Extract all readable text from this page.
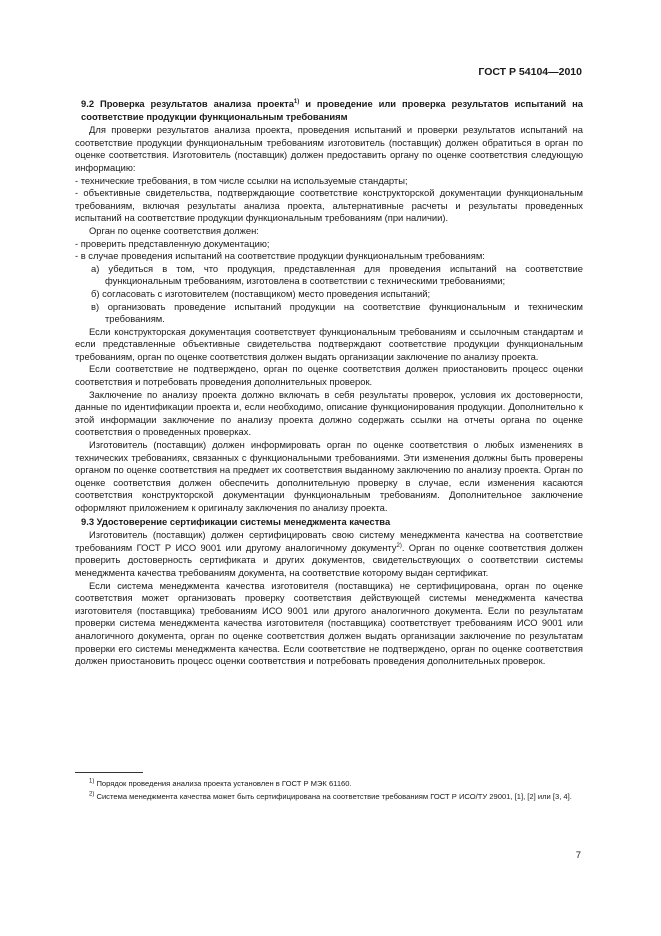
ГОСТ Р 54104—2010

9.2 Проверка результатов анализа проекта$^{1)}$ и проведение или проверка результатов испытаний на соответствие продукции функциональным требованиям

Для проверки результатов анализа проекта, проведения испытаний и проверки результатов испытаний на соответствие продукции функциональным требованиям изготовитель (поставщик) должен обратиться в орган по оценке соответствия. Изготовитель (поставщик) должен предоставить органу по оценке соответствия следующую информацию:

- технические требования, в том числе ссылки на используемые стандарты;

- объективные свидетельства, подтверждающие соответствие конструкторской документации функциональным требованиям, включая результаты анализа проекта, альтернативные расчеты и результаты проведенных испытаний на соответствие продукции функциональным требованиям (при наличии).

Орган по оценке соответствия должен:

- проверить представленную документацию;

- в случае проведения испытаний на соответствие продукции функциональным требованиям:

а) убедиться в том, что продукция, представленная для проведения испытаний на соответствие функциональным требованиям, изготовлена в соответствии с техническими требованиями;

б) согласовать с изготовителем (поставщиком) место проведения испытаний;

в) организовать проведение испытаний продукции на соответствие функциональным и техническим требованиям.

Если конструкторская документация соответствует функциональным требованиям и ссылочным стандартам и если представленные объективные свидетельства подтверждают соответствие продукции функциональным требованиям, орган по оценке соответствия должен выдать организации заключение по анализу проекта.

Если соответствие не подтверждено, орган по оценке соответствия должен приостановить процесс оценки соответствия и потребовать проведения дополнительных проверок.

Заключение по анализу проекта должно включать в себя результаты проверок, условия их достоверности, данные по идентификации проекта и, если необходимо, описание функционирования продукции. Дополнительно к этой информации заключение по анализу проекта должно содержать ссылки на отчеты органа по оценке соответствия о проведенных проверках.

Изготовитель (поставщик) должен информировать орган по оценке соответствия о любых изменениях в технических требованиях, связанных с функциональными требованиями. Эти изменения должны быть проверены органом по оценке соответствия на предмет их соответствия выданному заключению по анализу проекта. Орган по оценке соответствия должен обеспечить дополнительную проверку в случае, если изменения касаются соответствия конструкторской документации функциональным требованиям. Дополнительное заключение оформляют приложением к оригиналу заключения по анализу проекта.

9.3 Удостоверение сертификации системы менеджмента качества

Изготовитель (поставщик) должен сертифицировать свою систему менеджмента качества на соответствие требованиям ГОСТ Р ИСО 9001 или другому аналогичному документу$^{2)}$. Орган по оценке соответствия должен проверить достоверность сертификата и других документов, свидетельствующих о соответствии системы менеджмента качества требованиям документа, на соответствие которому выдан сертификат.

Если система менеджмента качества изготовителя (поставщика) не сертифицирована, орган по оценке соответствия может организовать проверку соответствия действующей системы менеджмента качества изготовителя (поставщика) требованиям ИСО 9001 или другого аналогичного документа. Если по результатам проверки система менеджмента качества изготовителя (поставщика) соответствует требованиям ИСО 9001 или аналогичного документа, орган по оценке соответствия должен выдать организации заключение по результатам проверки его системы менеджмента качества. Если соответствие не подтверждено, орган по оценке соответствия должен приостановить процесс оценки соответствия и потребовать проведения дополнительных проверок.

$^{1)}$ Порядок проведения анализа проекта установлен в ГОСТ Р МЭК 61160.

$^{2)}$ Система менеджмента качества может быть сертифицирована на соответствие требованиям ГОСТ Р ИСО/ТУ 29001, [1], [2] или [3, 4].

7
